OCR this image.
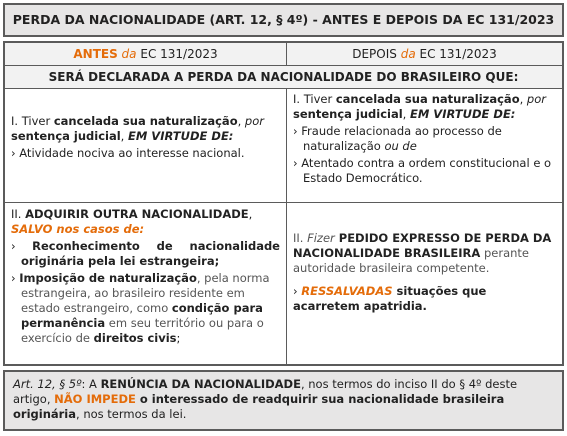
PERDA DA NACIONALIDADE (ART. 12, § 4º) - ANTES E DEPOIS DA EC 131/2023
ANTES da EC 131/2023	DEPOIS da EC 131/2023
SERÁ DECLARADA A PERDA DA NACIONALIDADE DO BRASILEIRO QUE:

I. Tiver cancelada sua naturalização, por
sentença judicial, EM VIRTUDE DE:

› Atividade nociva ao interesse nacional.

I. Tiver cancelada sua naturalização, por
sentença judicial, EM VIRTUDE DE:

› Fraude relacionada ao processo de naturalização ou de

› Atentado contra a ordem constitucional e o Estado Democrático.

II. ADQUIRIR OUTRA NACIONALIDADE,
SALVO nos casos de:

› Reconhecimento de nacionalidade originária pela lei estrangeira;

› Imposição de naturalização, pela norma estrangeira, ao brasileiro residente em estado estrangeiro, como condição para permanência em seu território ou para o exercício de direitos civis;

II. Fizer PEDIDO EXPRESSO DE PERDA DA NACIONALIDADE BRASILEIRA perante autoridade brasileira competente.

› RESSALVADAS situações que acarretem apatridia.

Art. 12, § 5º: A RENÚNCIA DA NACIONALIDADE, nos termos do inciso II do § 4º deste artigo, NÃO IMPEDE o interessado de readquirir sua nacionalidade brasileira originária, nos termos da lei.
